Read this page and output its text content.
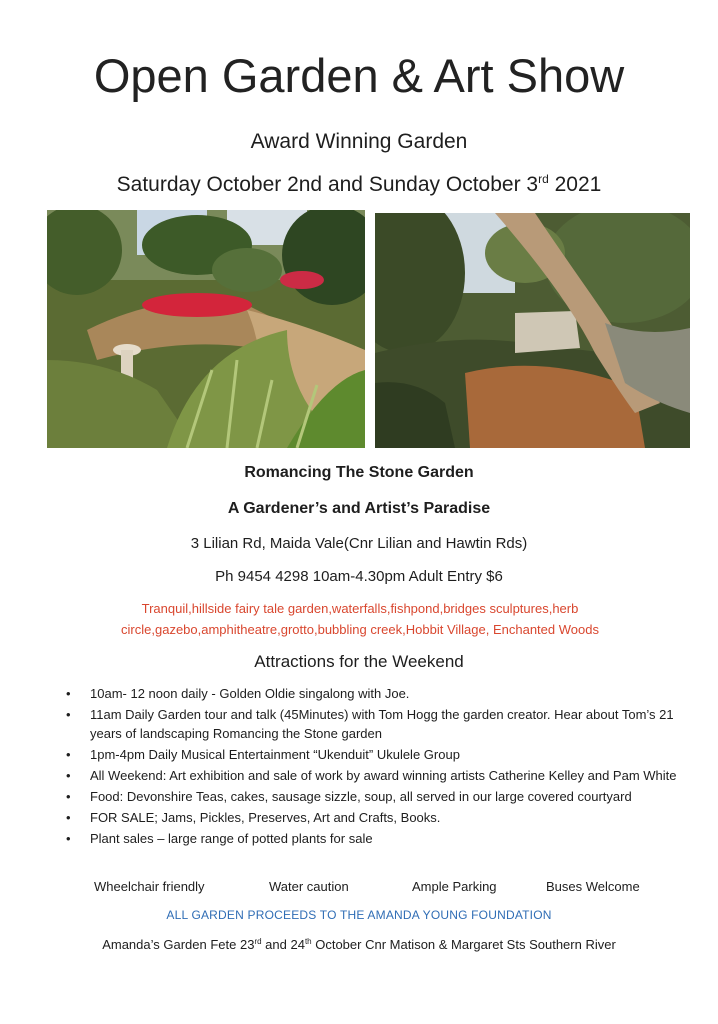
Open Garden & Art Show
Award Winning Garden
Saturday October 2nd and Sunday October 3rd 2021
Romancing The Stone Garden
A Gardener’s and Artist’s Paradise
3 Lilian Rd, Maida Vale(Cnr Lilian and Hawtin Rds)
Ph 9454 4298 10am-4.30pm Adult Entry $6
Tranquil,hillside fairy tale garden,waterfalls,fishpond,bridges sculptures,herb circle,gazebo,amphitheatre,grotto,bubbling creek,Hobbit Village, Enchanted Woods
Attractions for the Weekend
• 10am- 12 noon daily - Golden Oldie singalong with Joe.
• 11am Daily Garden tour and talk (45Minutes) with Tom Hogg the garden creator. Hear about Tom’s 21 years of landscaping Romancing the Stone garden
• 1pm-4pm Daily Musical Entertainment “Ukenduit” Ukulele Group
• All Weekend: Art exhibition and sale of work by award winning artists Catherine Kelley and Pam White
• Food: Devonshire Teas, cakes, sausage sizzle, soup, all served in our large covered courtyard
• FOR SALE; Jams, Pickles, Preserves, Art and Crafts, Books.
• Plant sales – large range of potted plants for sale
Wheelchair friendly	Water caution	Ample Parking	Buses Welcome
ALL GARDEN PROCEEDS TO THE AMANDA YOUNG FOUNDATION
Amanda’s Garden Fete 23rd and 24th October Cnr Matison & Margaret Sts Southern River
